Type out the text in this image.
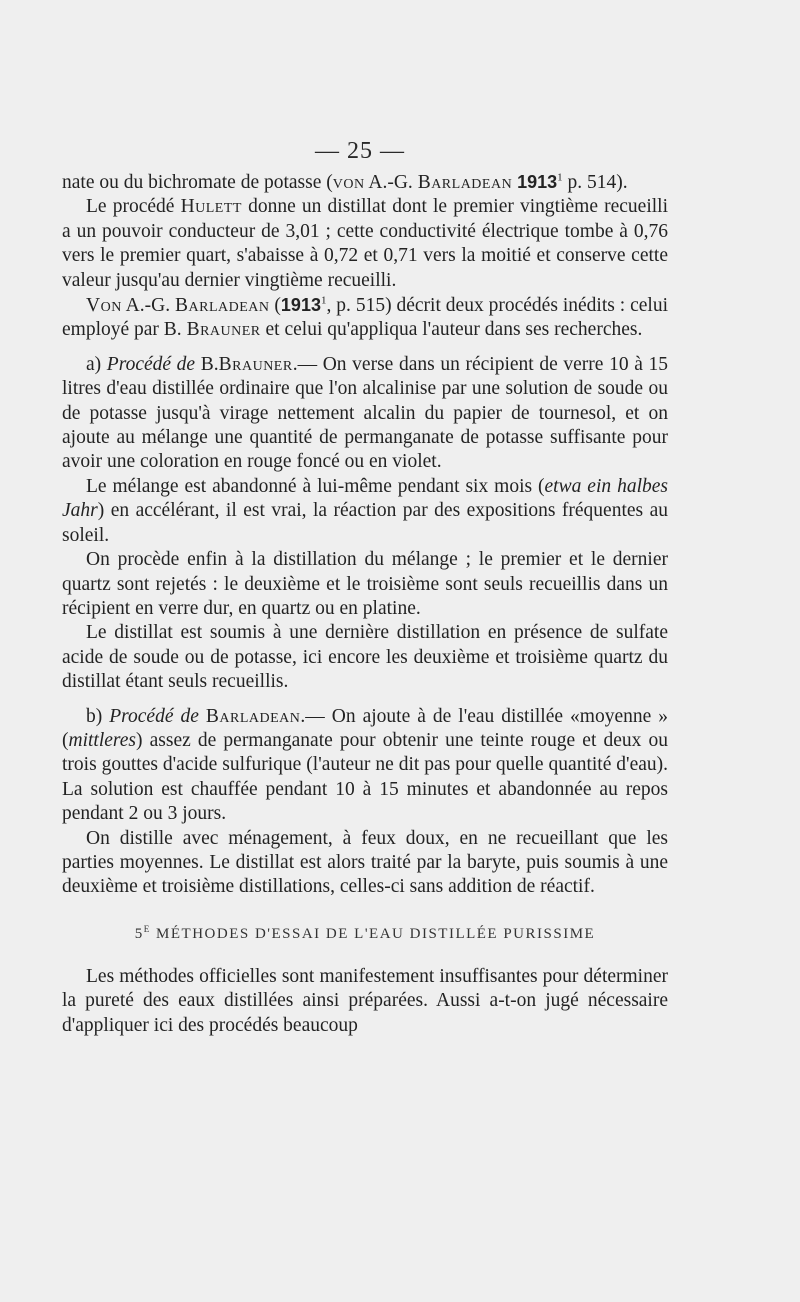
— 25 —

nate ou du bichromate de potasse (von A.-G. Barladean 1913$^1$ p. 514).

Le procédé Hulett donne un distillat dont le premier vingtième recueilli a un pouvoir conducteur de 3,01 ; cette conductivité électrique tombe à 0,76 vers le premier quart, s'abaisse à 0,72 et 0,71 vers la moitié et conserve cette valeur jusqu'au dernier vingtième recueilli.

Von A.-G. Barladean (1913$^1$, p. 515) décrit deux procédés inédits : celui employé par B. Brauner et celui qu'appliqua l'auteur dans ses recherches.

a) Procédé de B.Brauner.— On verse dans un récipient de verre 10 à 15 litres d'eau distillée ordinaire que l'on alcalinise par une solution de soude ou de potasse jusqu'à virage nettement alcalin du papier de tournesol, et on ajoute au mélange une quantité de permanganate de potasse suffisante pour avoir une coloration en rouge foncé ou en violet.

Le mélange est abandonné à lui-même pendant six mois (etwa ein halbes Jahr) en accélérant, il est vrai, la réaction par des expositions fréquentes au soleil.

On procède enfin à la distillation du mélange ; le premier et le dernier quartz sont rejetés : le deuxième et le troisième sont seuls recueillis dans un récipient en verre dur, en quartz ou en platine.

Le distillat est soumis à une dernière distillation en présence de sulfate acide de soude ou de potasse, ici encore les deuxième et troisième quartz du distillat étant seuls recueillis.

b) Procédé de Barladean.— On ajoute à de l'eau distillée «moyenne » (mittleres) assez de permanganate pour obtenir une teinte rouge et deux ou trois gouttes d'acide sulfurique (l'auteur ne dit pas pour quelle quantité d'eau). La solution est chauffée pendant 10 à 15 minutes et abandonnée au repos pendant 2 ou 3 jours.

On distille avec ménagement, à feux doux, en ne recueillant que les parties moyennes. Le distillat est alors traité par la baryte, puis soumis à une deuxième et troisième distillations, celles-ci sans addition de réactif.

$5^E$ MÉTHODES D'ESSAI DE L'EAU DISTILLÉE PURISSIME

Les méthodes officielles sont manifestement insuffisantes pour déterminer la pureté des eaux distillées ainsi préparées. Aussi a-t-on jugé nécessaire d'appliquer ici des procédés beaucoup
